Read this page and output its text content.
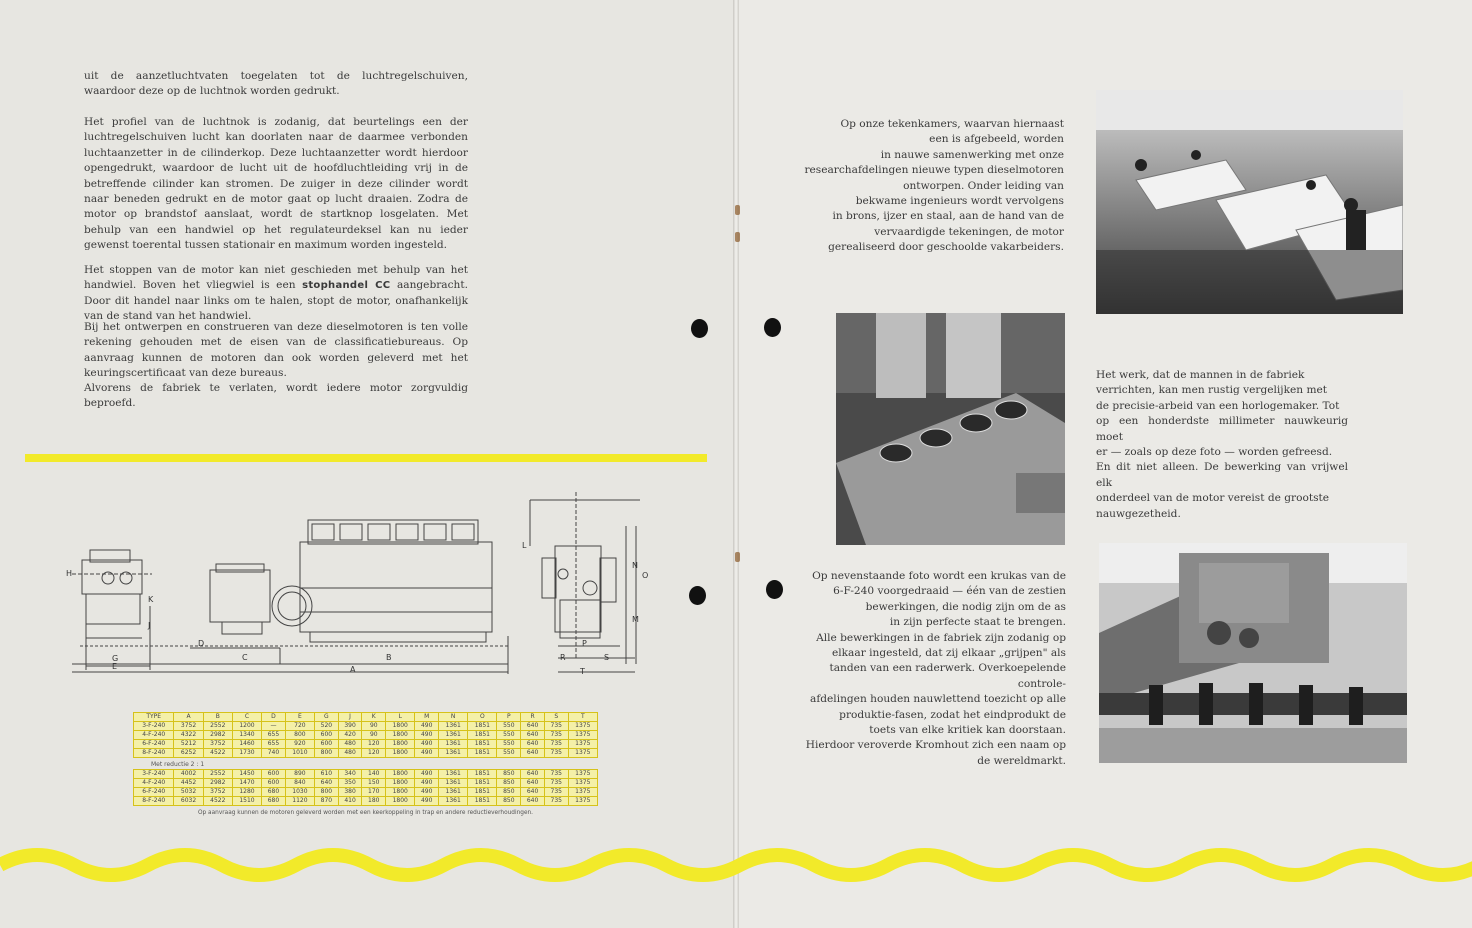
uit de aanzetluchtvaten toegelaten tot de luchtregelschuiven, waardoor deze op de luchtnok worden gedrukt.

Het profiel van de luchtnok is zodanig, dat beurtelings een der luchtregelschuiven lucht kan doorlaten naar de daarmee verbonden luchtaanzetter in de cilinderkop. Deze luchtaanzetter wordt hierdoor opengedrukt, waardoor de lucht uit de hoofdluchtleiding vrij in de betreffende cilinder kan stromen. De zuiger in deze cilinder wordt naar beneden gedrukt en de motor gaat op lucht draaien. Zodra de motor op brandstof aanslaat, wordt de startknop losgelaten. Met behulp van een handwiel op het regulateurdeksel kan nu ieder gewenst toerental tussen stationair en maximum worden ingesteld.

Het stoppen van de motor kan niet geschieden met behulp van het handwiel. Boven het vliegwiel is een stophandel CC aangebracht. Door dit handel naar links om te halen, stopt de motor, onafhankelijk van de stand van het handwiel.

Bij het ontwerpen en construeren van deze dieselmotoren is ten volle rekening gehouden met de eisen van de classificatiebureaus. Op aanvraag kunnen de motoren dan ook worden geleverd met het keuringscertificaat van deze bureaus.

Alvorens de fabriek te verlaten, wordt iedere motor zorgvuldig beproefd.

G
E
H
K
J
D
C	B
A
L
N
O
M
P
R	S
T
TYPE	A	B	C	D	E	G	J	K	L	M	N	O	P	R	S	T
3-F-240	3752	2552	1200	—	720	520	390	90	1800	490	1361	1851	550	640	735	1375
4-F-240	4322	2982	1340	655	800	600	420	90	1800	490	1361	1851	550	640	735	1375
6-F-240	5212	3752	1460	655	920	600	480	120	1800	490	1361	1851	550	640	735	1375
8-F-240	6252	4522	1730	740	1010	800	480	120	1800	490	1361	1851	550	640	735	1375
Met reductie 2 : 1
3-F-240	4002	2552	1450	600	890	610	340	140	1800	490	1361	1851	850	640	735	1375
4-F-240	4452	2982	1470	600	840	640	350	150	1800	490	1361	1851	850	640	735	1375
6-F-240	5032	3752	1280	680	1030	800	380	170	1800	490	1361	1851	850	640	735	1375
8-F-240	6032	4522	1510	680	1120	870	410	180	1800	490	1361	1851	850	640	735	1375
Op aanvraag kunnen de motoren geleverd worden met een keerkoppeling in trap en andere reductieverhoudingen.
Op onze tekenkamers, waarvan hiernaast
een is afgebeeld, worden
in nauwe samenwerking met onze
researchafdelingen nieuwe typen dieselmotoren
ontworpen. Onder leiding van
bekwame ingenieurs wordt vervolgens
in brons, ijzer en staal, aan de hand van de
vervaardigde tekeningen, de motor
gerealiseerd door geschoolde vakarbeiders.
Het werk, dat de mannen in de fabriek
verrichten, kan men rustig vergelijken met
de precisie-arbeid van een horlogemaker. Tot
op een honderdste millimeter nauwkeurig moet
er — zoals op deze foto — worden gefreesd.
En dit niet alleen. De bewerking van vrijwel elk
onderdeel van de motor vereist de grootste
nauwgezetheid.
Op nevenstaande foto wordt een krukas van de
6-F-240 voorgedraaid — één van de zestien
bewerkingen, die nodig zijn om de as
in zijn perfecte staat te brengen.
Alle bewerkingen in de fabriek zijn zodanig op
elkaar ingesteld, dat zij elkaar „grijpen" als
tanden van een raderwerk. Overkoepelende controle-
afdelingen houden nauwlettend toezicht op alle
produktie-fasen, zodat het eindprodukt de
toets van elke kritiek kan doorstaan.
Hierdoor veroverde Kromhout zich een naam op
de wereldmarkt.
